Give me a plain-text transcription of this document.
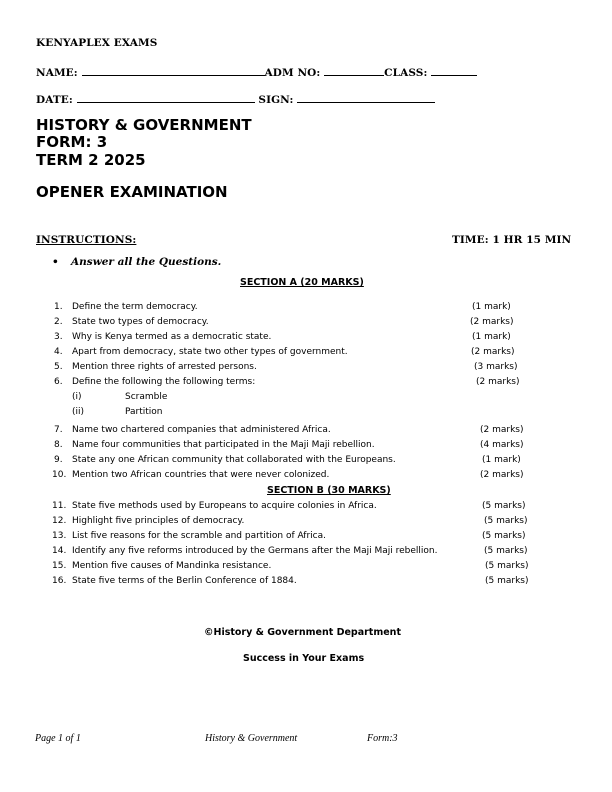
KENYAPLEX EXAMS
NAME:	ADM NO:	CLASS:
DATE:	SIGN:
HISTORY & GOVERNMENT
FORM: 3
TERM 2 2025
OPENER EXAMINATION
INSTRUCTIONS:	TIME: 1 HR 15 MIN
• Answer all the Questions.
SECTION A (20 MARKS)
1. Define the term democracy.	(1 mark)
2. State two types of democracy.	(2 marks)
3. Why is Kenya termed as a democratic state.	(1 mark)
4. Apart from democracy, state two other types of government.	(2 marks)
5. Mention three rights of arrested persons.	(3 marks)
6. Define the following the following terms:	(2 marks)
(i)	Scramble
(ii)	Partition
7. Name two chartered companies that administered Africa.	(2 marks)
8. Name four communities that participated in the Maji Maji rebellion.	(4 marks)
9. State any one African community that collaborated with the Europeans.	(1 mark)
10. Mention two African countries that were never colonized.	(2 marks)
SECTION B (30 MARKS)
11. State five methods used by Europeans to acquire colonies in Africa.	(5 marks)
12. Highlight five principles of democracy.	(5 marks)
13. List five reasons for the scramble and partition of Africa.	(5 marks)
14. Identify any five reforms introduced by the Germans after the Maji Maji rebellion.	(5 marks)
15. Mention five causes of Mandinka resistance.	(5 marks)
16. State five terms of the Berlin Conference of 1884.	(5 marks)
©History & Government Department
Success in Your Exams
Page 1 of 1	History & Government	Form:3
